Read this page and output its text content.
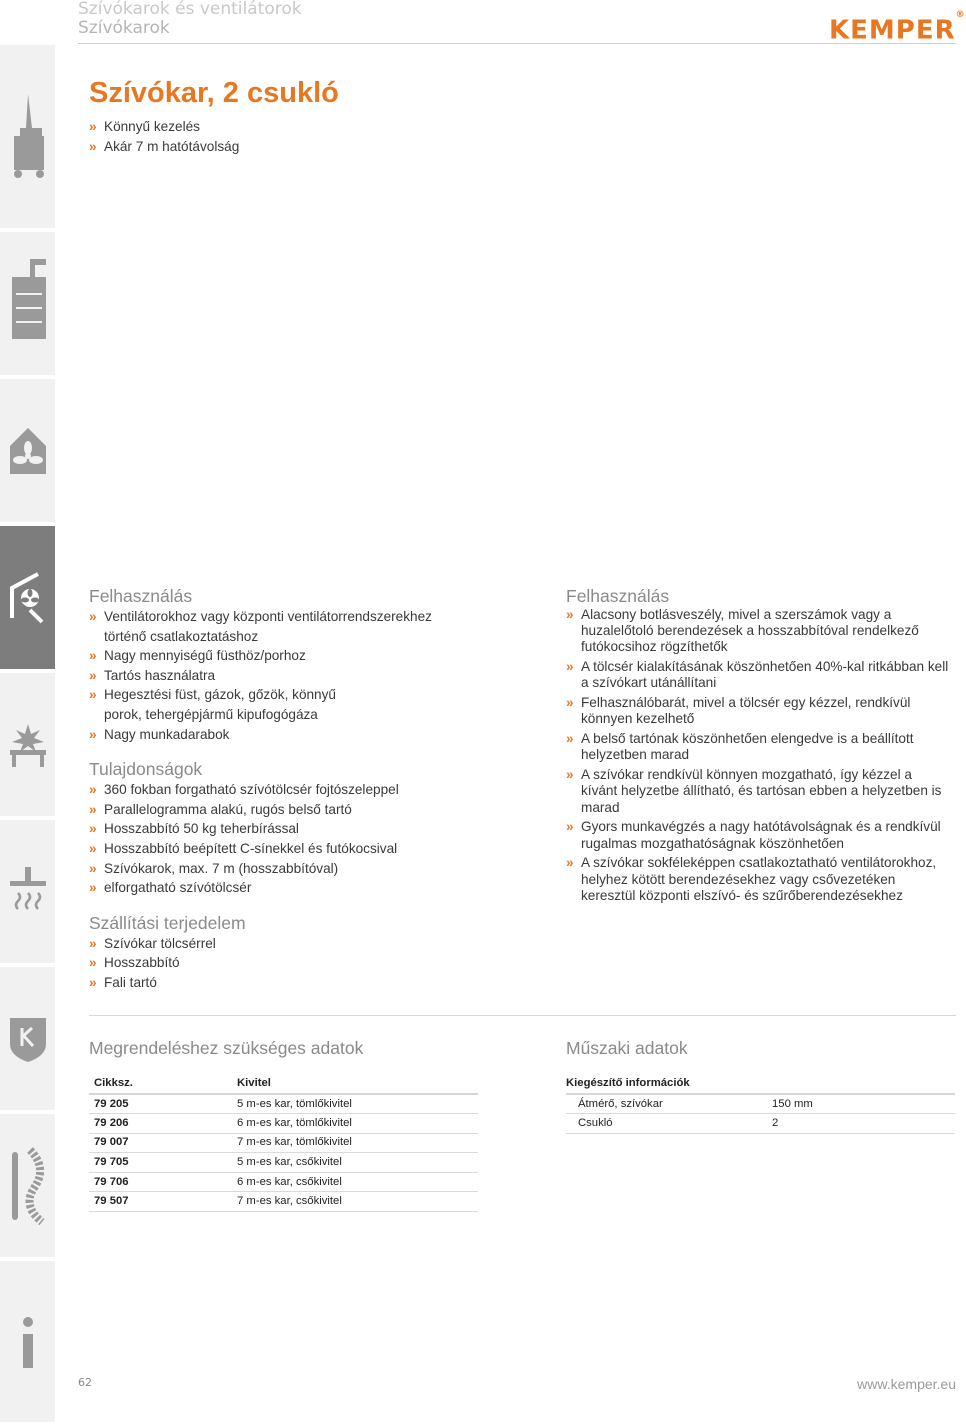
Szívókarok és ventilátorok
Szívókarok	KEMPER®
Szívókar, 2 csukló
» Könnyű kezelés
» Akár 7 m hatótávolság
Felhasználás
» Ventilátorokhoz vagy központi ventilátorrendszerekhez történő csatlakoztatáshoz
» Nagy mennyiségű füsthöz/porhoz
» Tartós használatra
» Hegesztési füst, gázok, gőzök, könnyű porok, tehergépjármű kipufogógáza
» Nagy munkadarabok
Tulajdonságok
» 360 fokban forgatható szívótölcsér fojtószeleppel
» Parallelogramma alakú, rugós belső tartó
» Hosszabbító 50 kg teherbírással
» Hosszabbító beépített C-sínekkel és futókocsival
» Szívókarok, max. 7 m (hosszabbítóval)
» elforgatható szívótölcsér
Szállítási terjedelem
» Szívókar tölcsérrel
» Hosszabbító
» Fali tartó
Felhasználás
» Alacsony botlásveszély, mivel a szerszámok vagy a huzalelőtoló berendezések a hosszabbítóval rendelkező futókocsihoz rögzíthetők
» A tölcsér kialakításának köszönhetően 40%-kal ritkábban kell a szívókart utánállítani
» Felhasználóbarát, mivel a tölcsér egy kézzel, rendkívül könnyen kezelhető
» A belső tartónak köszönhetően elengedve is a beállított helyzetben marad
» A szívókar rendkívül könnyen mozgatható, így kézzel a kívánt helyzetbe állítható, és tartósan ebben a helyzetben is marad
» Gyors munkavégzés a nagy hatótávolságnak és a rendkívül rugalmas mozgathatóságnak köszönhetően
» A szívókar sokféleképpen csatlakoztatható ventilátorokhoz, helyhez kötött berendezésekhez vagy csővezetéken keresztül központi elszívó- és szűrőberendezésekhez
Megrendeléshez szükséges adatok	Műszaki adatok
Cikksz.	Kivitel
79 205	5 m-es kar, tömlőkivitel
79 206	6 m-es kar, tömlőkivitel
79 007	7 m-es kar, tömlőkivitel
79 705	5 m-es kar, csőkivitel
79 706	6 m-es kar, csőkivitel
79 507	7 m-es kar, csőkivitel
Kiegészítő információk	
Átmérő, szívókar	150 mm
Csukló	2
62	www.kemper.eu
